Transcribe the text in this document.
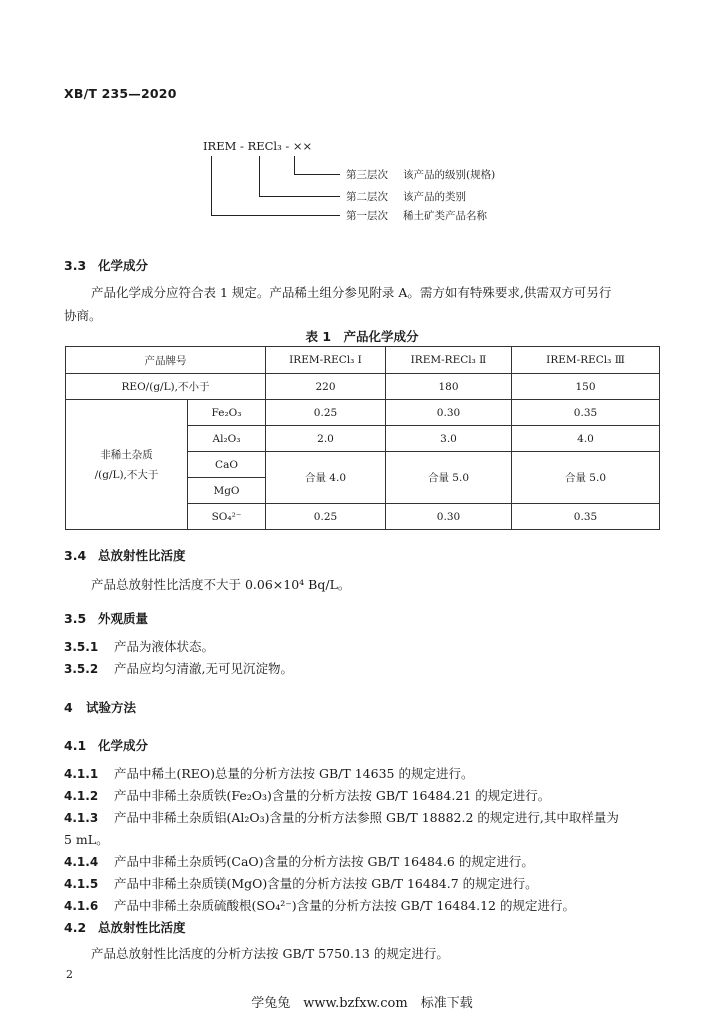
XB/T 235—2020
IREM - RECl₃ - ××
第三层次 该产品的级别(规格)
第二层次 该产品的类别
第一层次 稀土矿类产品名称
3.3 化学成分
产品化学成分应符合表 1 规定。产品稀土组分参见附录 A。需方如有特殊要求,供需双方可另行
协商。
表 1　产品化学成分
产品牌号		IREM-RECl₃ Ⅰ	IREM-RECl₃ Ⅱ	IREM-RECl₃ Ⅲ
REO/(g/L),不小于		220	180	150

非稀土杂质
/(g/L),不大于	Fe₂O₃	0.25	0.30	0.35
	Al₂O₃	2.0	3.0	4.0
	CaO	合量 4.0	合量 5.0	合量 5.0
	MgO			
	SO₄²⁻	0.25	0.30	0.35
3.4 总放射性比活度
产品总放射性比活度不大于 0.06×10⁴ Bq/L。
3.5 外观质量
3.5.1 产品为液体状态。
3.5.2 产品应均匀清澈,无可见沉淀物。
4 试验方法
4.1 化学成分
4.1.1 产品中稀土(REO)总量的分析方法按 GB/T 14635 的规定进行。
4.1.2 产品中非稀土杂质铁(Fe₂O₃)含量的分析方法按 GB/T 16484.21 的规定进行。
4.1.3 产品中非稀土杂质铝(Al₂O₃)含量的分析方法参照 GB/T 18882.2 的规定进行,其中取样量为
5 mL。
4.1.4 产品中非稀土杂质钙(CaO)含量的分析方法按 GB/T 16484.6 的规定进行。
4.1.5 产品中非稀土杂质镁(MgO)含量的分析方法按 GB/T 16484.7 的规定进行。
4.1.6 产品中非稀土杂质硫酸根(SO₄²⁻)含量的分析方法按 GB/T 16484.12 的规定进行。
4.2 总放射性比活度
产品总放射性比活度的分析方法按 GB/T 5750.13 的规定进行。
2
学兔兔　www.bzfxw.com　标准下载
